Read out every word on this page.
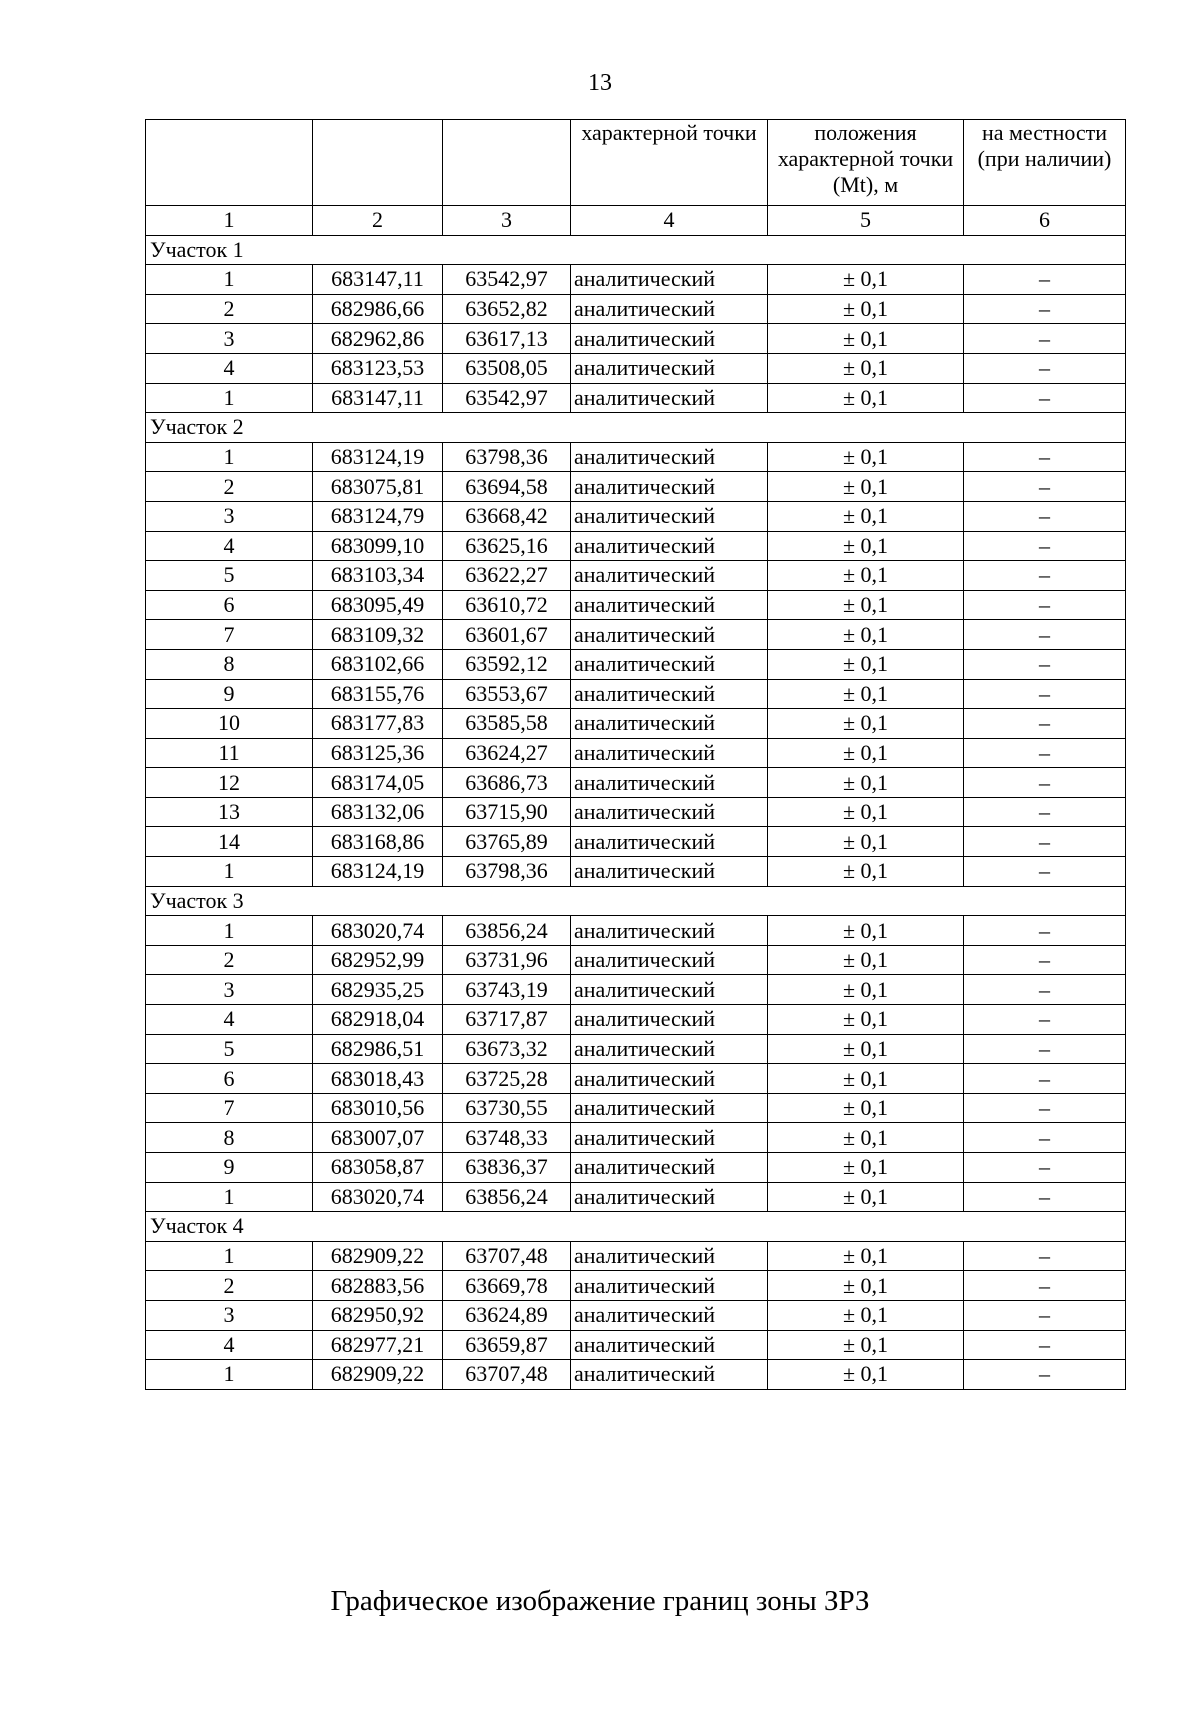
13
			характерной точки	положения характерной точки (Mt), м	на местности (при наличии)
1	2	3	4	5	6
Участок 1					
1	683147,11	63542,97	аналитический	± 0,1	–
2	682986,66	63652,82	аналитический	± 0,1	–
3	682962,86	63617,13	аналитический	± 0,1	–
4	683123,53	63508,05	аналитический	± 0,1	–
1	683147,11	63542,97	аналитический	± 0,1	–
Участок 2					
1	683124,19	63798,36	аналитический	± 0,1	–
2	683075,81	63694,58	аналитический	± 0,1	–
3	683124,79	63668,42	аналитический	± 0,1	–
4	683099,10	63625,16	аналитический	± 0,1	–
5	683103,34	63622,27	аналитический	± 0,1	–
6	683095,49	63610,72	аналитический	± 0,1	–
7	683109,32	63601,67	аналитический	± 0,1	–
8	683102,66	63592,12	аналитический	± 0,1	–
9	683155,76	63553,67	аналитический	± 0,1	–
10	683177,83	63585,58	аналитический	± 0,1	–
11	683125,36	63624,27	аналитический	± 0,1	–
12	683174,05	63686,73	аналитический	± 0,1	–
13	683132,06	63715,90	аналитический	± 0,1	–
14	683168,86	63765,89	аналитический	± 0,1	–
1	683124,19	63798,36	аналитический	± 0,1	–
Участок 3					
1	683020,74	63856,24	аналитический	± 0,1	–
2	682952,99	63731,96	аналитический	± 0,1	–
3	682935,25	63743,19	аналитический	± 0,1	–
4	682918,04	63717,87	аналитический	± 0,1	–
5	682986,51	63673,32	аналитический	± 0,1	–
6	683018,43	63725,28	аналитический	± 0,1	–
7	683010,56	63730,55	аналитический	± 0,1	–
8	683007,07	63748,33	аналитический	± 0,1	–
9	683058,87	63836,37	аналитический	± 0,1	–
1	683020,74	63856,24	аналитический	± 0,1	–
Участок 4					
1	682909,22	63707,48	аналитический	± 0,1	–
2	682883,56	63669,78	аналитический	± 0,1	–
3	682950,92	63624,89	аналитический	± 0,1	–
4	682977,21	63659,87	аналитический	± 0,1	–
1	682909,22	63707,48	аналитический	± 0,1	–
Графическое изображение границ зоны ЗРЗ
